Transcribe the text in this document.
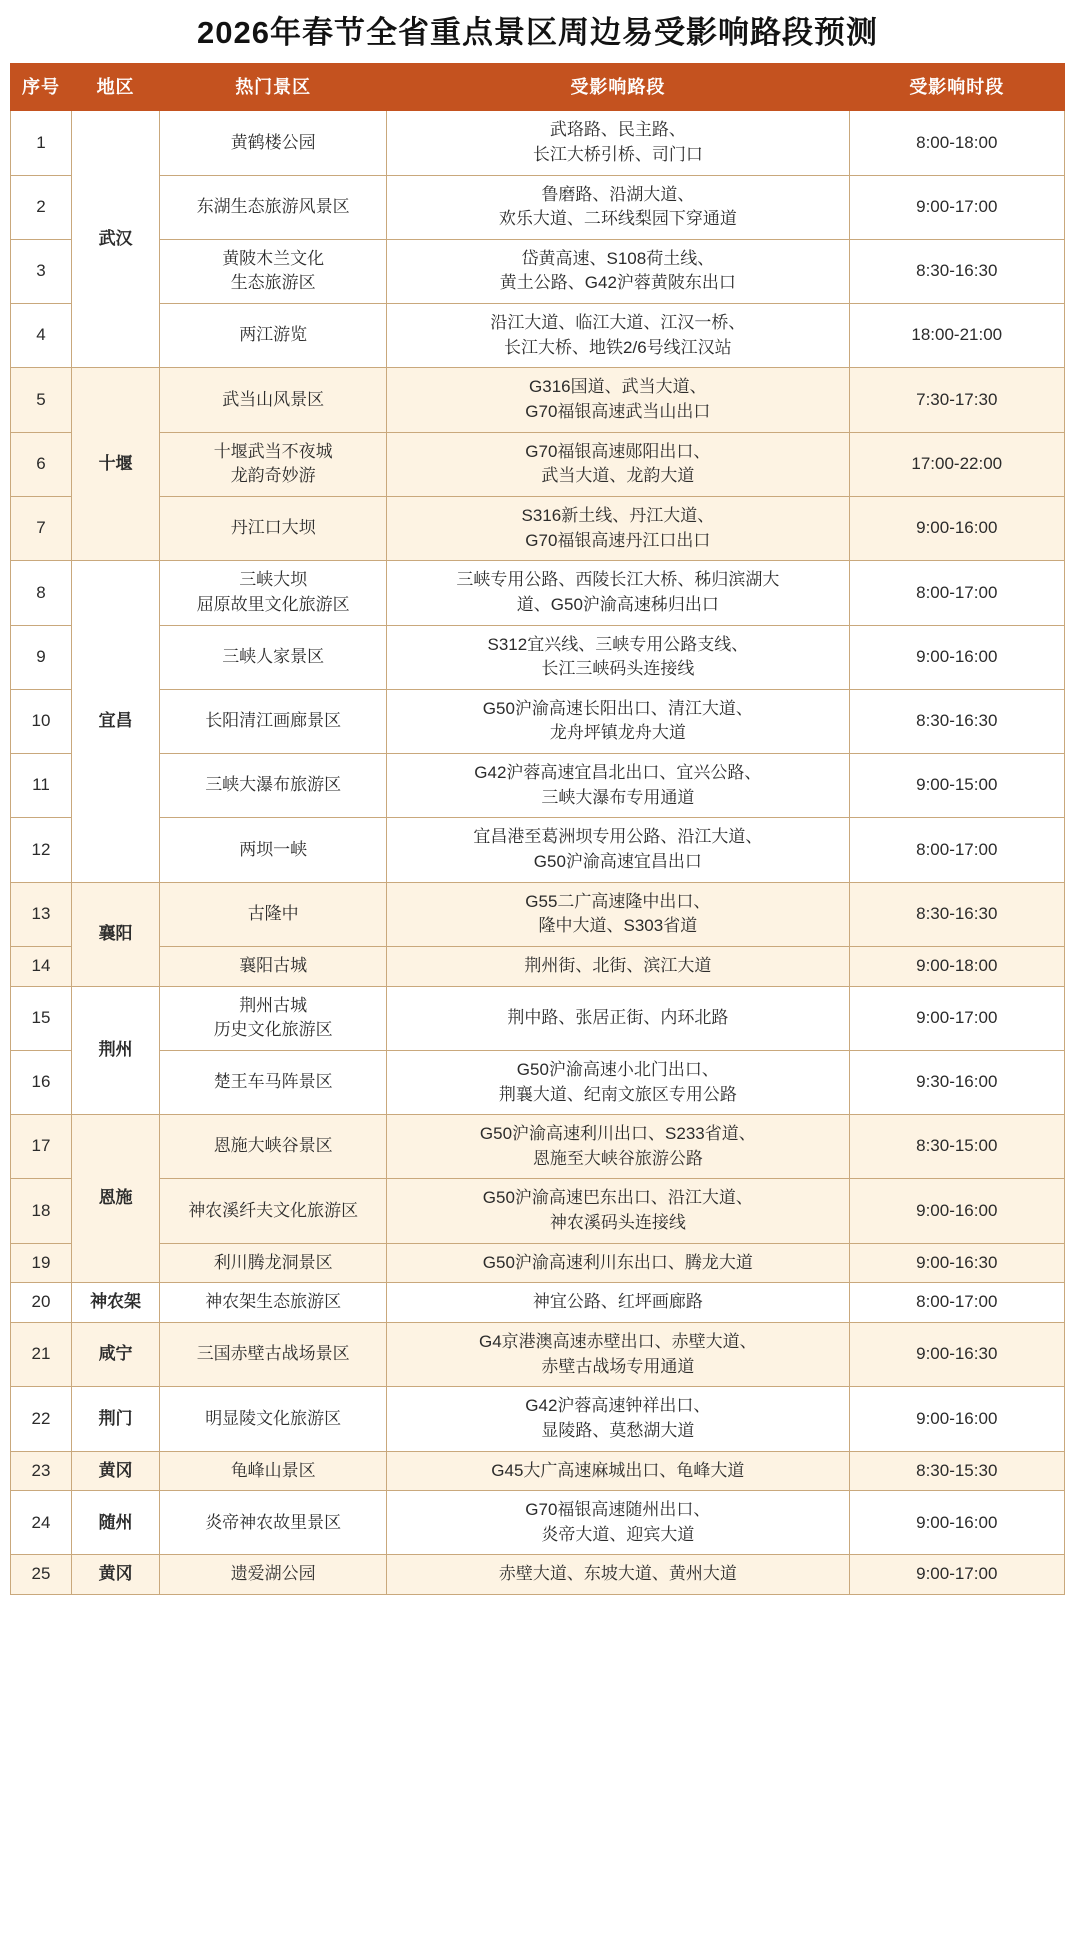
2026年春节全省重点景区周边易受影响路段预测
序号	地区	热门景区	受影响路段	受影响时段
1	武汉	黄鹤楼公园	武珞路、民主路、
长江大桥引桥、司门口	8:00-18:00
2		东湖生态旅游风景区	鲁磨路、沿湖大道、
欢乐大道、二环线梨园下穿通道	9:00-17:00
3		黄陂木兰文化
生态旅游区	岱黄高速、S108荷土线、
黄土公路、G42沪蓉黄陂东出口	8:30-16:30
4		两江游览	沿江大道、临江大道、江汉一桥、
长江大桥、地铁2/6号线江汉站	18:00-21:00
5	十堰	武当山风景区	G316国道、武当大道、
G70福银高速武当山出口	7:30-17:30
6		十堰武当不夜城
龙韵奇妙游	G70福银高速郧阳出口、
武当大道、龙韵大道	17:00-22:00
7		丹江口大坝	S316新土线、丹江大道、
G70福银高速丹江口出口	9:00-16:00
8	宜昌	三峡大坝
屈原故里文化旅游区	三峡专用公路、西陵长江大桥、秭归滨湖大
道、G50沪渝高速秭归出口	8:00-17:00
9		三峡人家景区	S312宜兴线、三峡专用公路支线、
长江三峡码头连接线	9:00-16:00
10		长阳清江画廊景区	G50沪渝高速长阳出口、清江大道、
龙舟坪镇龙舟大道	8:30-16:30
11		三峡大瀑布旅游区	G42沪蓉高速宜昌北出口、宜兴公路、
三峡大瀑布专用通道	9:00-15:00
12		两坝一峡	宜昌港至葛洲坝专用公路、沿江大道、
G50沪渝高速宜昌出口	8:00-17:00
13	襄阳	古隆中	G55二广高速隆中出口、
隆中大道、S303省道	8:30-16:30
14		襄阳古城	荆州街、北街、滨江大道	9:00-18:00
15	荆州	荆州古城
历史文化旅游区	荆中路、张居正街、内环北路	9:00-17:00
16		楚王车马阵景区	G50沪渝高速小北门出口、
荆襄大道、纪南文旅区专用公路	9:30-16:00
17	恩施	恩施大峡谷景区	G50沪渝高速利川出口、S233省道、
恩施至大峡谷旅游公路	8:30-15:00
18		神农溪纤夫文化旅游区	G50沪渝高速巴东出口、沿江大道、
神农溪码头连接线	9:00-16:00
19		利川腾龙洞景区	G50沪渝高速利川东出口、腾龙大道	9:00-16:30
20	神农架	神农架生态旅游区	神宜公路、红坪画廊路	8:00-17:00
21	咸宁	三国赤壁古战场景区	G4京港澳高速赤壁出口、赤壁大道、
赤壁古战场专用通道	9:00-16:30
22	荆门	明显陵文化旅游区	G42沪蓉高速钟祥出口、
显陵路、莫愁湖大道	9:00-16:00
23	黄冈	龟峰山景区	G45大广高速麻城出口、龟峰大道	8:30-15:30
24	随州	炎帝神农故里景区	G70福银高速随州出口、
炎帝大道、迎宾大道	9:00-16:00
25	黄冈	遗爱湖公园	赤壁大道、东坡大道、黄州大道	9:00-17:00
